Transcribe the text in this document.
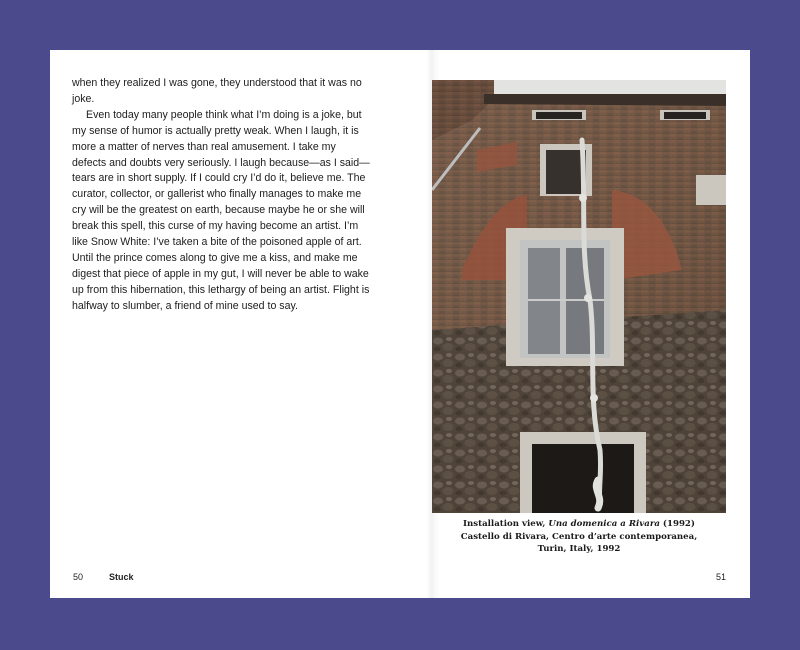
when they realized I was gone, they understood that it was no joke.

Even today many people think what I’m doing is a joke, but my sense of humor is actually pretty weak. When I laugh, it is more a matter of nerves than real amusement. I take my defects and doubts very seriously. I laugh because—as I said—tears are in short supply. If I could cry I’d do it, believe me. The curator, collector, or gallerist who finally manages to make me cry will be the greatest on earth, because maybe he or she will break this spell, this curse of my having become an artist. I’m like Snow White: I’ve taken a bite of the poisoned apple of art. Until the prince comes along to give me a kiss, and make me digest that piece of apple in my gut, I will never be able to wake up from this hibernation, this lethargy of being an artist. Flight is halfway to slumber, a friend of mine used to say.

50	Stuck
Installation view, Una domenica a Rivara (1992)
Castello di Rivara, Centro d’arte contemporanea,
Turin, Italy, 1992
51
